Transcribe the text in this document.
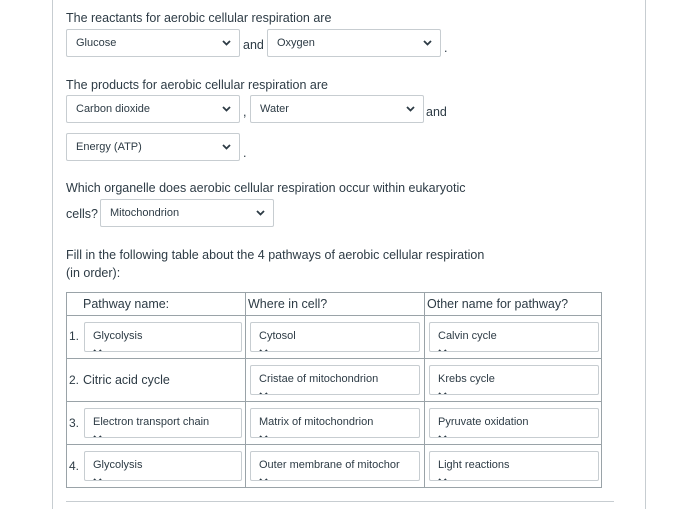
The reactants for aerobic cellular respiration are
Glucose	and	Oxygen	.
The products for aerobic cellular respiration are
Carbon dioxide	,	Water	and
Energy (ATP)	.
Which organelle does aerobic cellular respiration occur within eukaryotic
cells?	Mitochondrion
Fill in the following table about the 4 pathways of aerobic cellular respiration
(in order):
Pathway name:	Where in cell?	Other name for pathway?

1. Glycolysis	Cytosol	Calvin cycle

2. Citric acid cycle	Cristae of mitochondrion	Krebs cycle

3. Electron transport chain	Matrix of mitochondrion	Pyruvate oxidation

4. Glycolysis	Outer membrane of mitochor	Light reactions
